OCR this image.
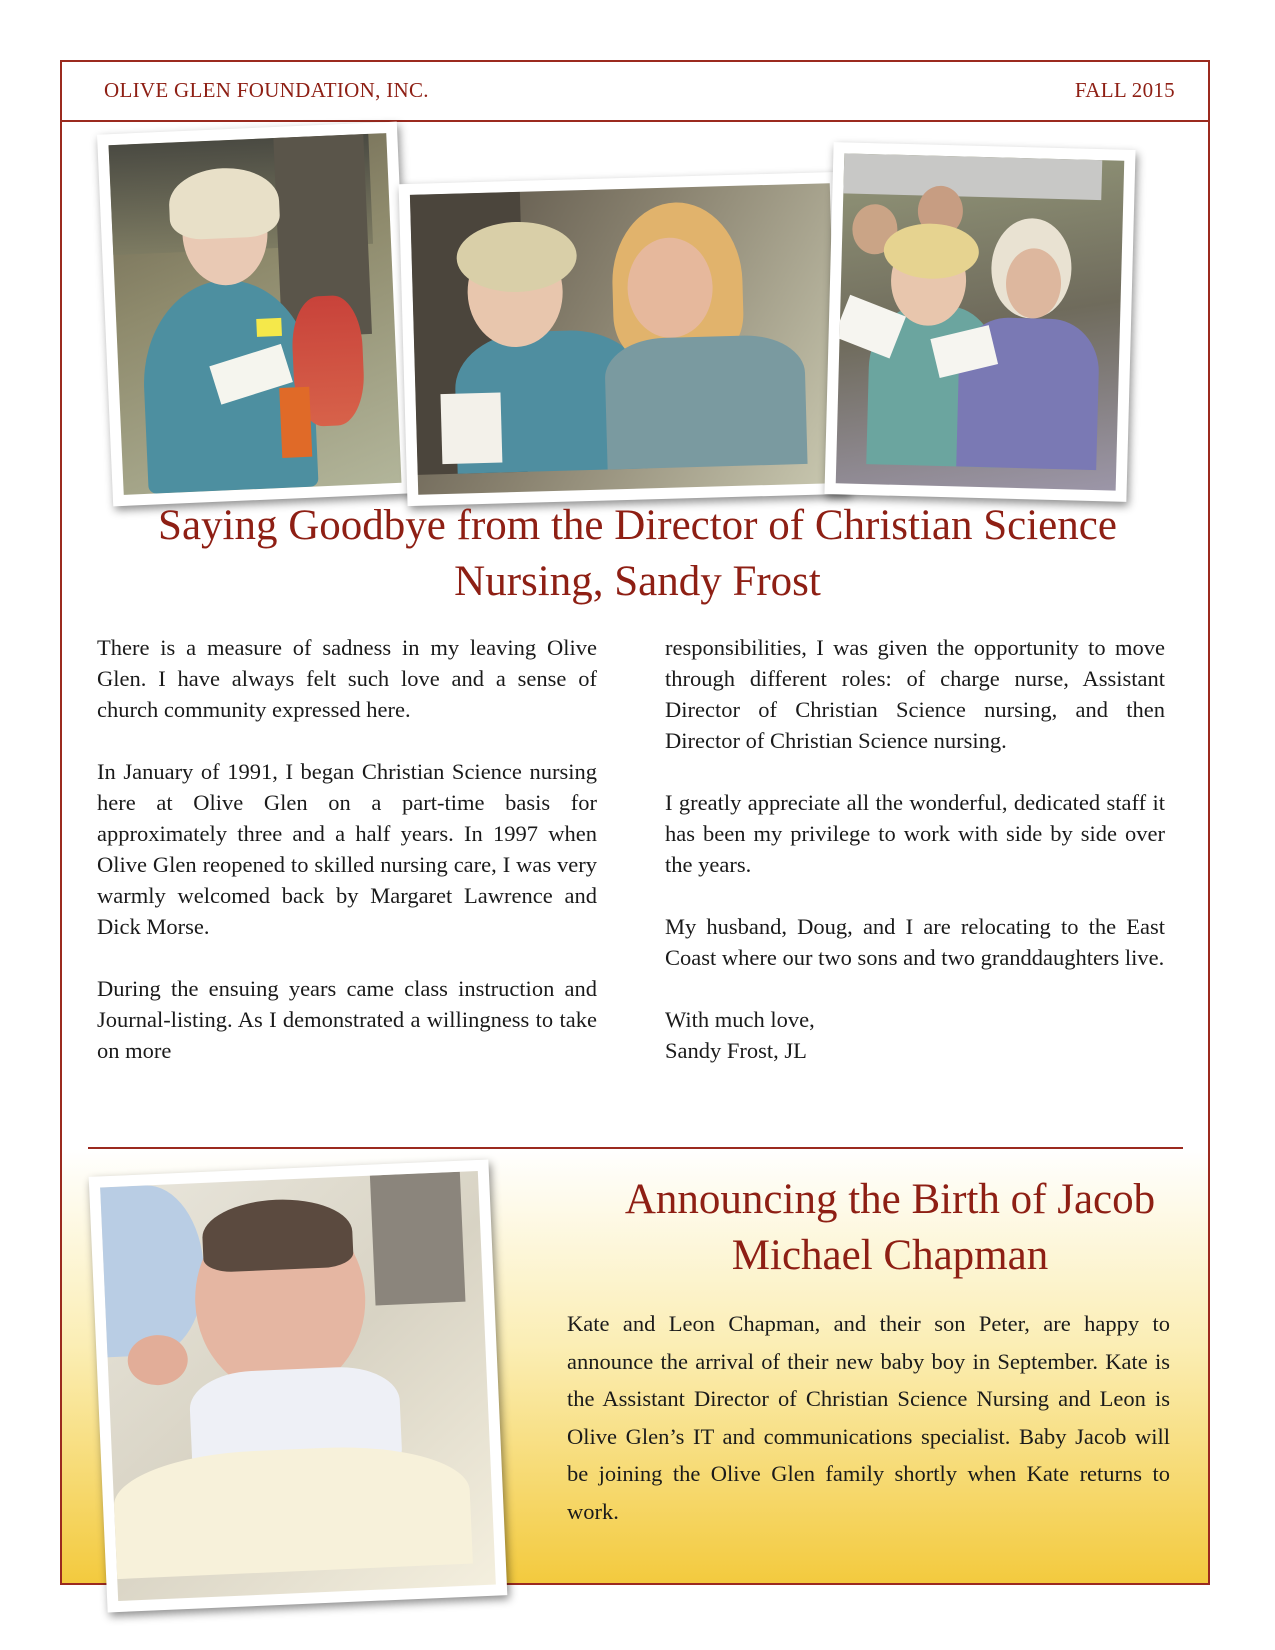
OLIVE GLEN FOUNDATION, INC.	FALL 2015
Saying Goodbye from the Director of Christian Science Nursing, Sandy Frost

There is a measure of sadness in my leaving Olive Glen. I have always felt such love and a sense of church community expressed here.

In January of 1991, I began Christian Science nursing here at Olive Glen on a part-time basis for approximately three and a half years. In 1997 when Olive Glen reopened to skilled nursing care, I was very warmly welcomed back by Margaret Lawrence and Dick Morse.

During the ensuing years came class instruction and Journal-listing. As I demonstrated a willingness to take on more

responsibilities, I was given the opportunity to move through different roles: of charge nurse, Assistant Director of Christian Science nursing, and then Director of Christian Science nursing.

I greatly appreciate all the wonderful, dedicated staff it has been my privilege to work with side by side over the years.

My husband, Doug, and I are relocating to the East Coast where our two sons and two granddaughters live.

With much love,
Sandy Frost, JL
Announcing the Birth of Jacob Michael Chapman

Kate and Leon Chapman, and their son Peter, are happy to announce the arrival of their new baby boy in September. Kate is the Assistant Director of Christian Science Nursing and Leon is Olive Glen’s IT and communications specialist. Baby Jacob will be joining the Olive Glen family shortly when Kate returns to work.
